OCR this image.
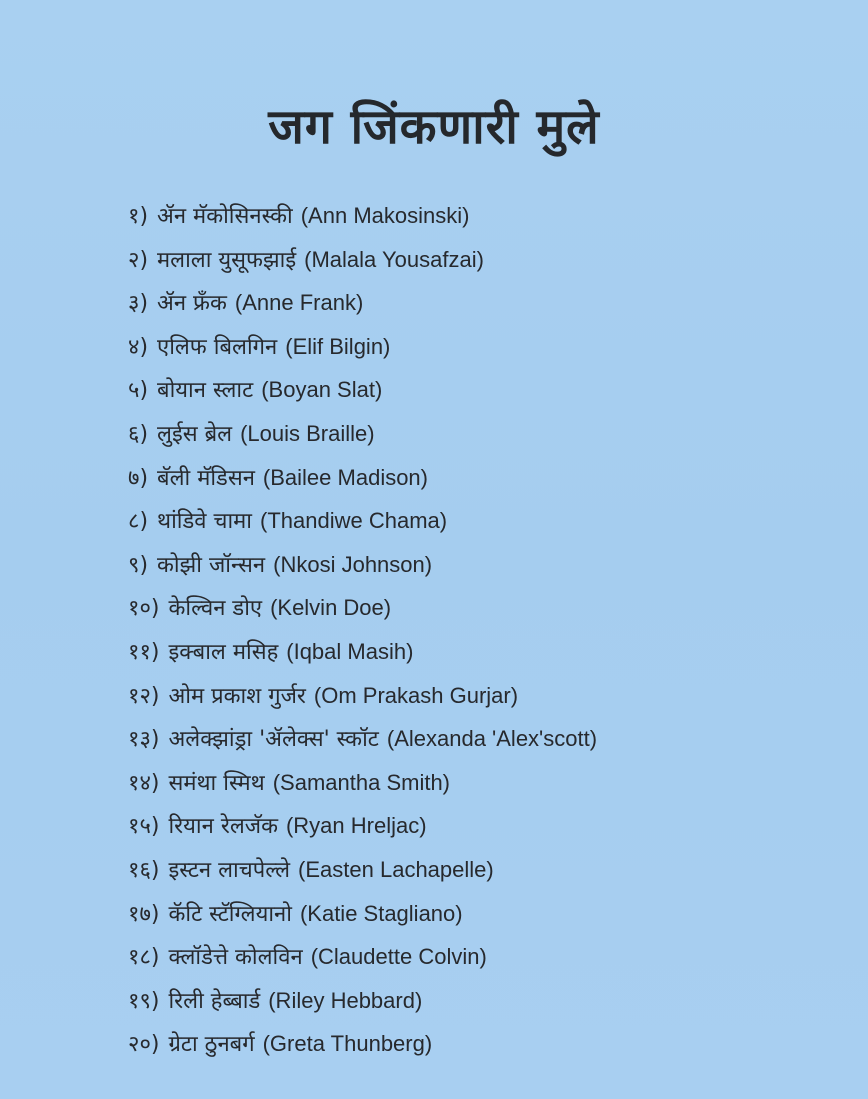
जग जिंकणारी मुले
१) ॲन मॅकोसिनस्की (Ann Makosinski)
२) मलाला युसूफझाई (Malala Yousafzai)
३) ॲन फ्रँक (Anne Frank)
४) एलिफ बिलगिन (Elif Bilgin)
५) बोयान स्लाट (Boyan Slat)
६) लुईस ब्रेल (Louis Braille)
७) बॅली मॅडिसन (Bailee Madison)
८) थांडिवे चामा (Thandiwe Chama)
९) कोझी जॉन्सन (Nkosi Johnson)
१०) केल्विन डोए (Kelvin Doe)
११) इक्बाल मसिह (Iqbal Masih)
१२) ओम प्रकाश गुर्जर (Om Prakash Gurjar)
१३) अलेक्झांड्रा 'ॲलेक्स' स्कॉट (Alexanda 'Alex'scott)
१४) समंथा स्मिथ (Samantha Smith)
१५) रियान रेलजॅक (Ryan Hreljac)
१६) इस्टन लाचपेल्ले (Easten Lachapelle)
१७) कॅटि स्टॅग्लियानो (Katie Stagliano)
१८) क्लॉडेत्ते कोलविन (Claudette Colvin)
१९) रिली हेब्बार्ड (Riley Hebbard)
२०) ग्रेटा ठुनबर्ग (Greta Thunberg)
